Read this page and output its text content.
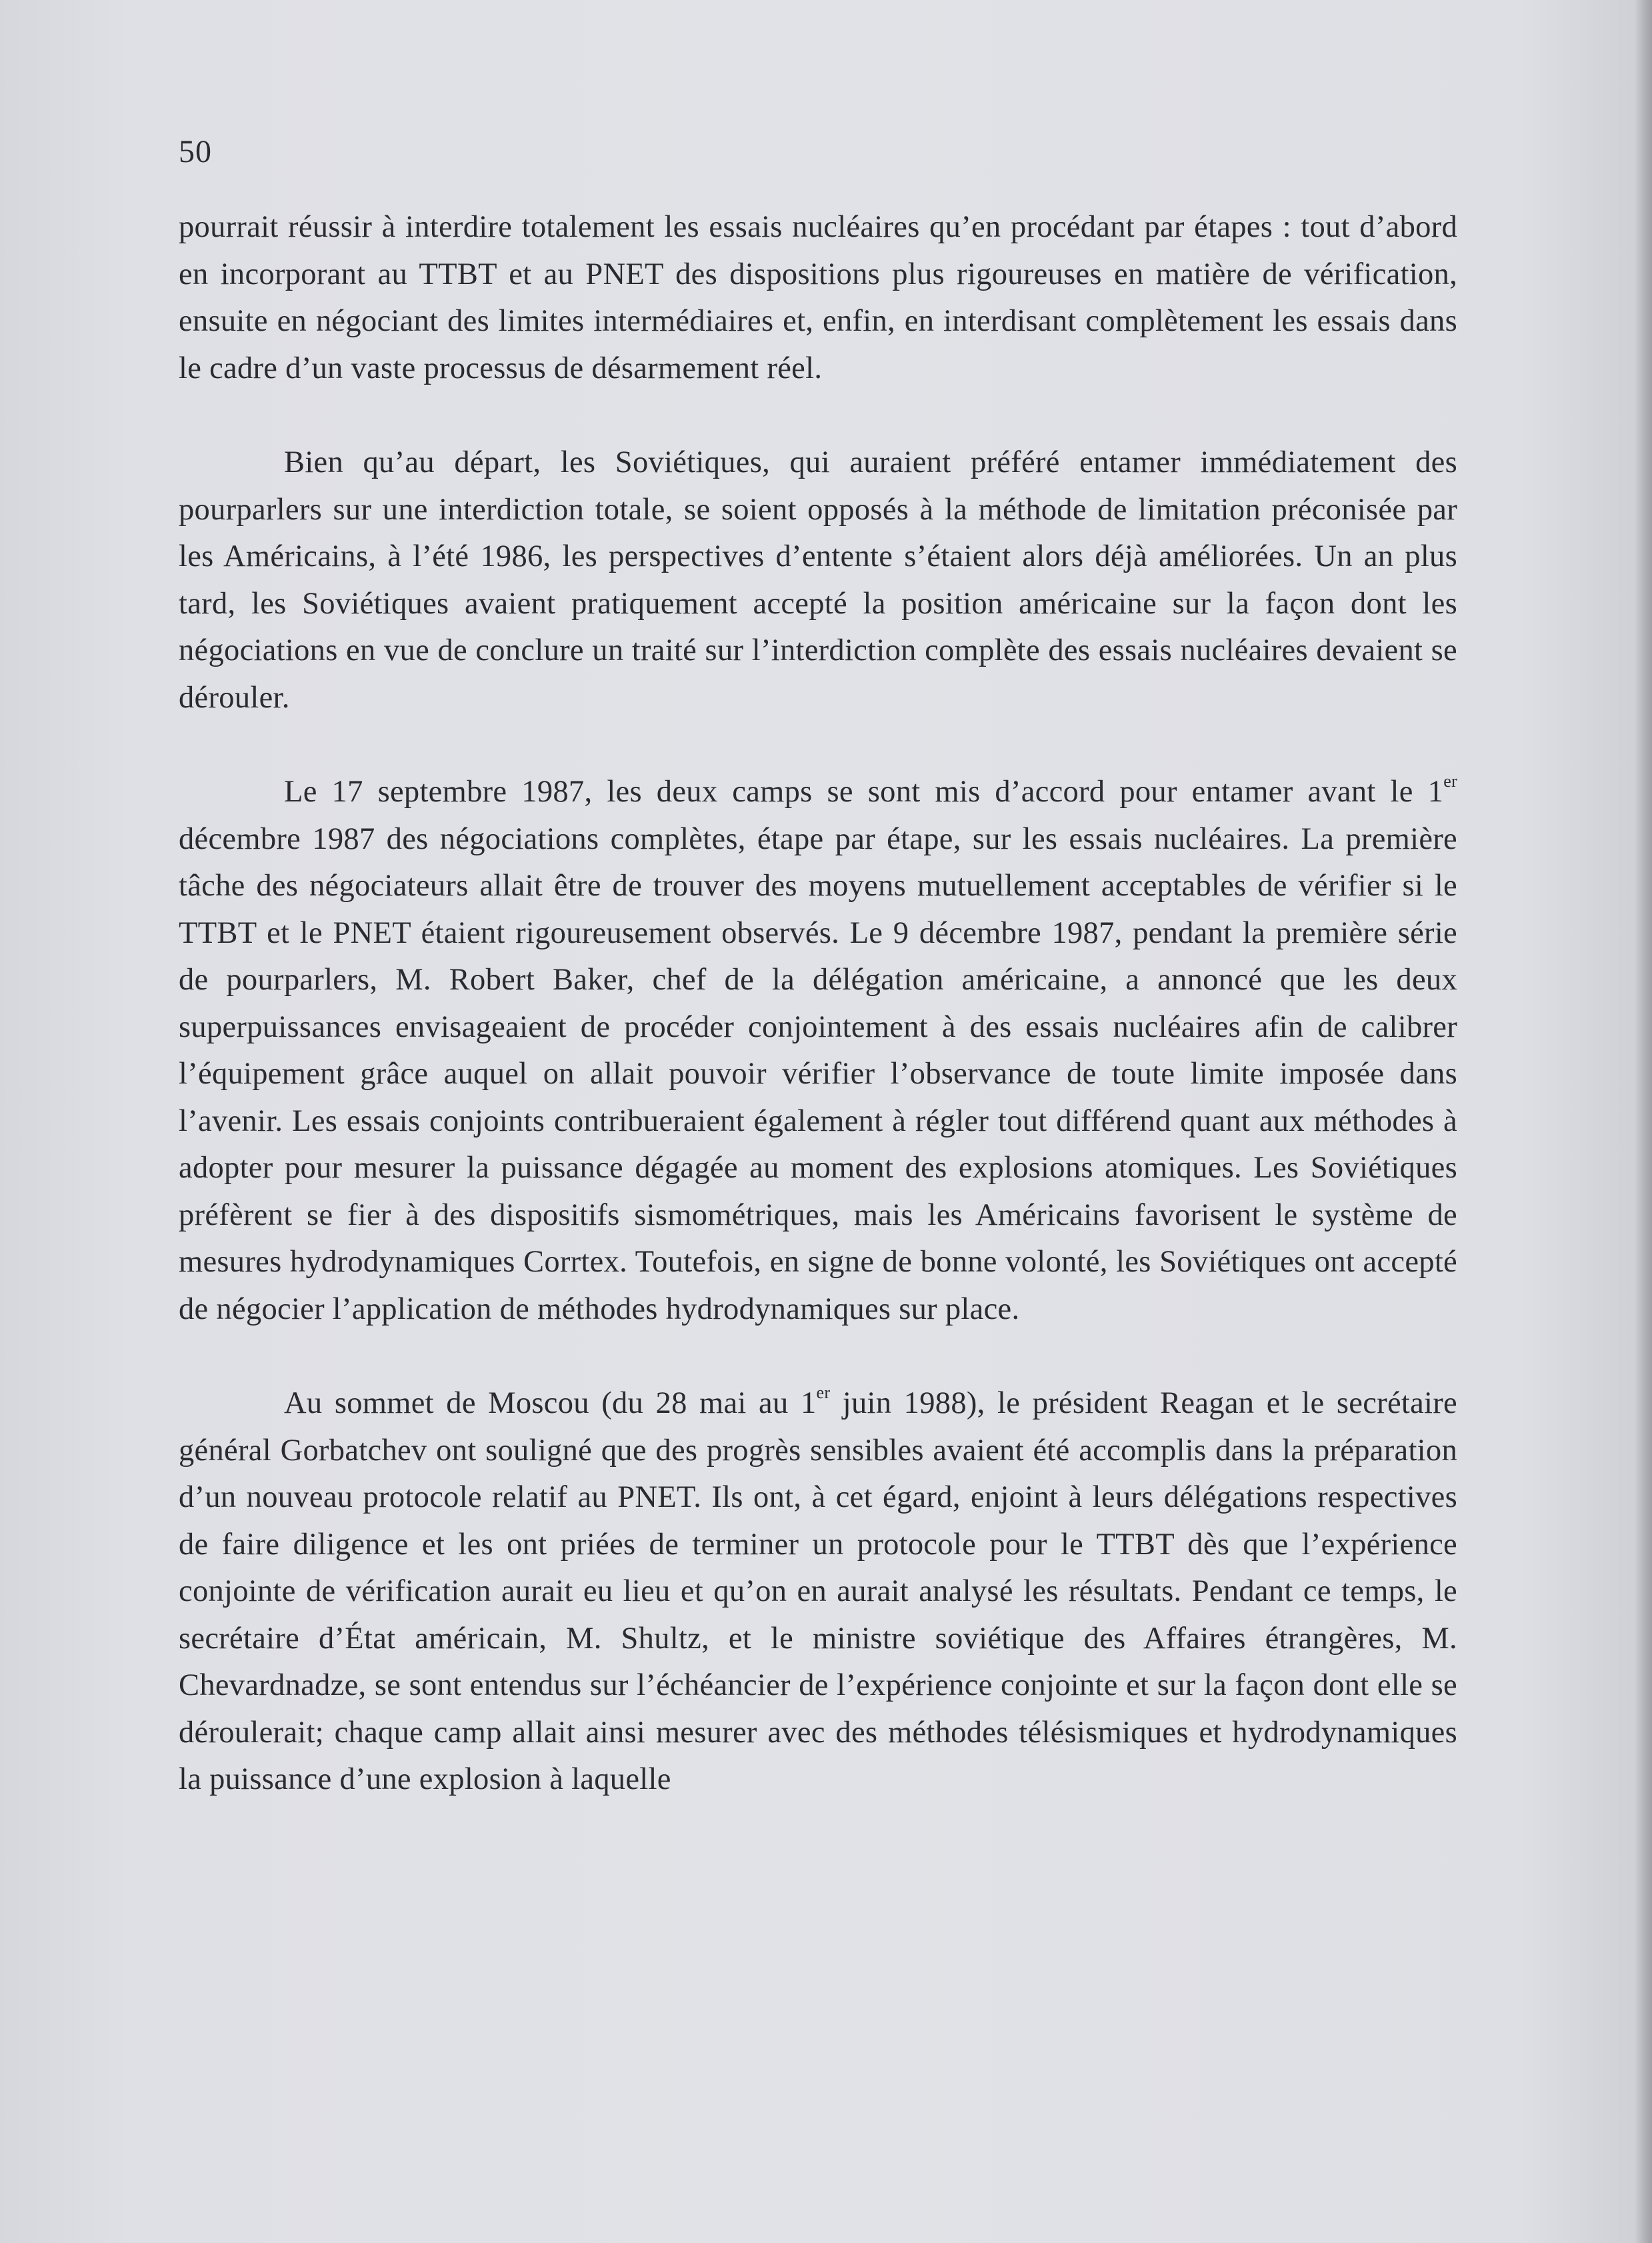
50

pourrait réussir à interdire totalement les essais nucléaires qu’en procédant par étapes : tout d’abord en incorporant au TTBT et au PNET des dispositions plus rigoureuses en matière de vérification, ensuite en négociant des limites intermédiaires et, enfin, en interdisant complètement les essais dans le cadre d’un vaste processus de désarmement réel.

Bien qu’au départ, les Soviétiques, qui auraient préféré entamer immédiatement des pourparlers sur une interdiction totale, se soient opposés à la méthode de limitation préconisée par les Américains, à l’été 1986, les perspectives d’entente s’étaient alors déjà améliorées. Un an plus tard, les Soviétiques avaient pratiquement accepté la position américaine sur la façon dont les négociations en vue de conclure un traité sur l’interdiction complète des essais nucléaires devaient se dérouler.

Le 17 septembre 1987, les deux camps se sont mis d’accord pour entamer avant le 1er décembre 1987 des négociations complètes, étape par étape, sur les essais nucléaires. La première tâche des négociateurs allait être de trouver des moyens mutuellement acceptables de vérifier si le TTBT et le PNET étaient rigoureusement observés. Le 9 décembre 1987, pendant la première série de pourparlers, M. Robert Baker, chef de la délégation américaine, a annoncé que les deux superpuissances envisageaient de procéder conjointement à des essais nucléaires afin de calibrer l’équipement grâce auquel on allait pouvoir vérifier l’observance de toute limite imposée dans l’avenir. Les essais conjoints contribueraient également à régler tout différend quant aux méthodes à adopter pour mesurer la puissance dégagée au moment des explosions atomiques. Les Soviétiques préfèrent se fier à des dispositifs sismométriques, mais les Américains favorisent le système de mesures hydrodynamiques Corrtex. Toutefois, en signe de bonne volonté, les Soviétiques ont accepté de négocier l’application de méthodes hydrodynamiques sur place.

Au sommet de Moscou (du 28 mai au 1er juin 1988), le président Reagan et le secrétaire général Gorbatchev ont souligné que des progrès sensibles avaient été accomplis dans la préparation d’un nouveau protocole relatif au PNET. Ils ont, à cet égard, enjoint à leurs délégations respectives de faire diligence et les ont priées de terminer un protocole pour le TTBT dès que l’expérience conjointe de vérification aurait eu lieu et qu’on en aurait analysé les résultats. Pendant ce temps, le secrétaire d’État américain, M. Shultz, et le ministre soviétique des Affaires étrangères, M. Chevardnadze, se sont entendus sur l’échéancier de l’expérience conjointe et sur la façon dont elle se déroulerait; chaque camp allait ainsi mesurer avec des méthodes télésismiques et hydrodynamiques la puissance d’une explosion à laquelle
